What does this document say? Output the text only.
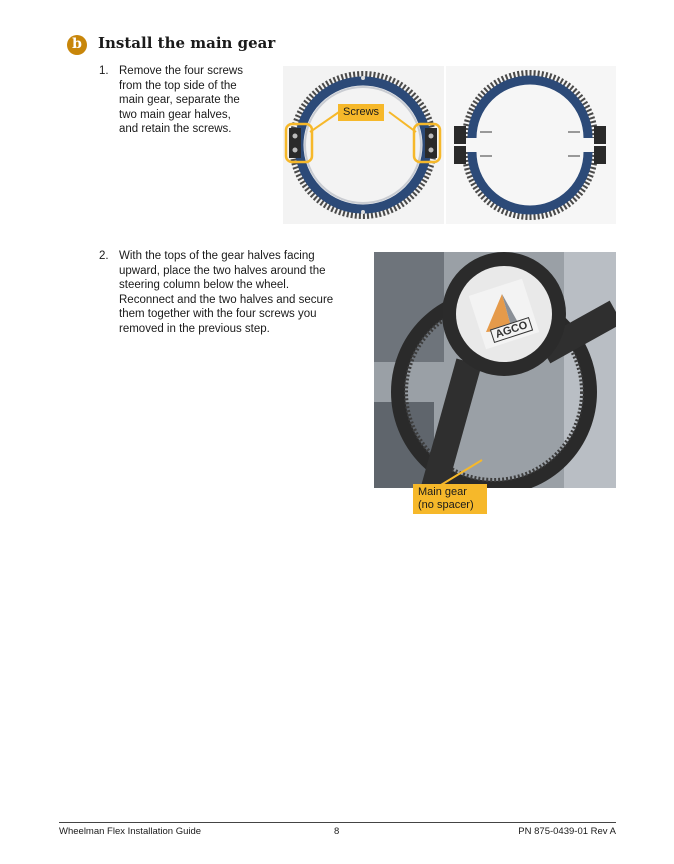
b	Install the main gear
1. Remove the four screws
from the top side of the
main gear, separate the
two main gear halves,
and retain the screws.
Screws
2. With the tops of the gear halves facing
upward, place the two halves around the
steering column below the wheel.
Reconnect and the two halves and secure
them together with the four screws you
removed in the previous step.	AGCO
Main gear
(no spacer)
Wheelman Flex Installation Guide	8	PN 875-0439-01 Rev A
